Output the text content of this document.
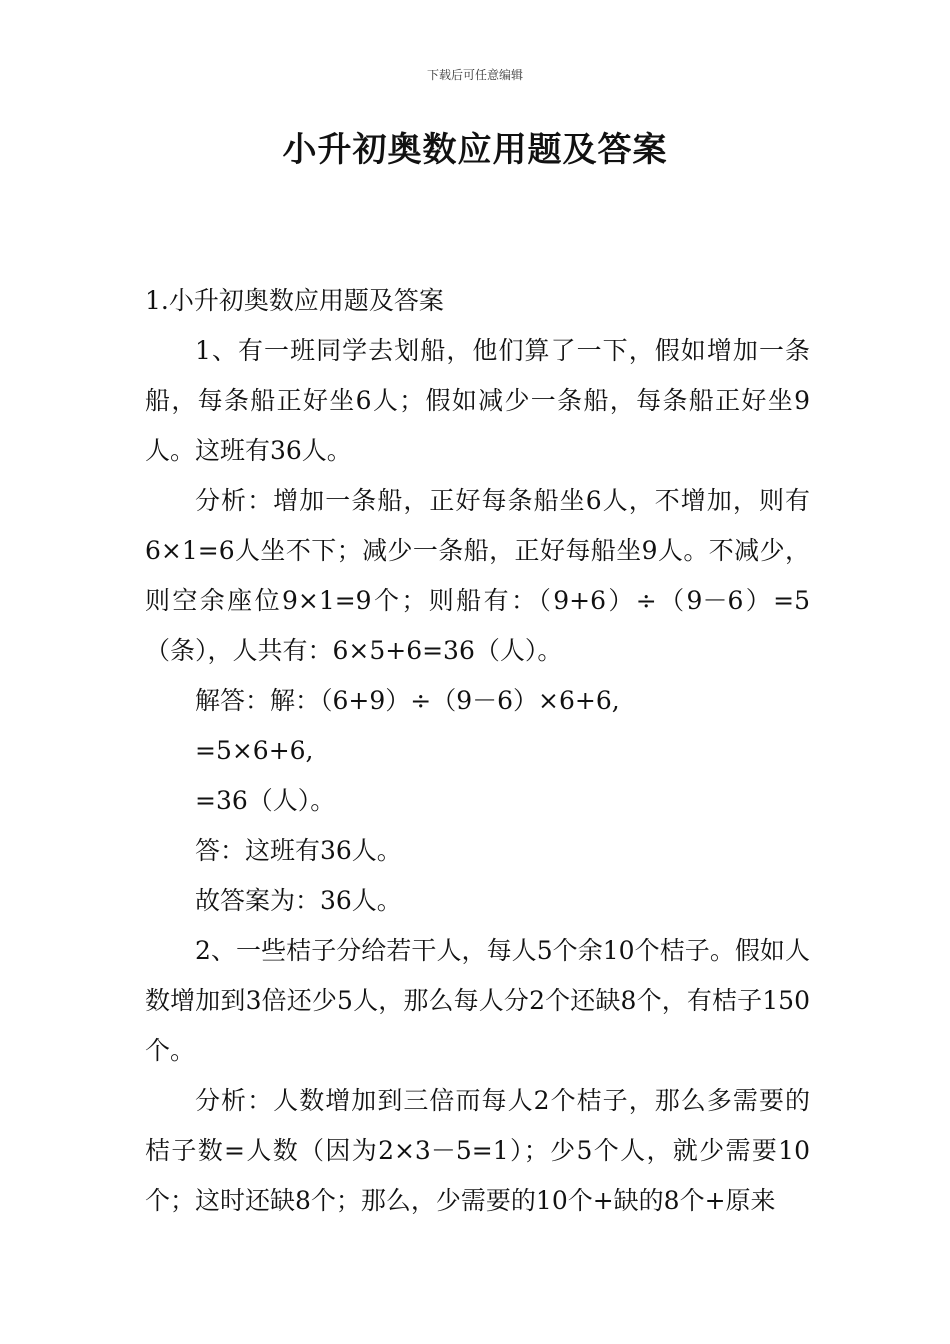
下载后可任意编辑
小升初奥数应用题及答案

1.小升初奥数应用题及答案

1、有一班同学去划船，他们算了一下，假如增加一条船，每条船正好坐6人；假如减少一条船，每条船正好坐9人。这班有36人。

分析：增加一条船，正好每条船坐6人，不增加，则有6×1=6人坐不下；减少一条船，正好每船坐9人。不减少，则空余座位9×1=9个；则船有：（9+6）÷（9－6）=5（条），人共有：6×5+6=36（人）。

解答：解：（6+9）÷（9－6）×6+6,

=5×6+6,

=36（人）。

答：这班有36人。

故答案为：36人。

2、一些桔子分给若干人，每人5个余10个桔子。假如人数增加到3倍还少5人，那么每人分2个还缺8个，有桔子150个。

分析：人数增加到三倍而每人2个桔子，那么多需要的桔子数=人数（因为2×3－5=1）；少5个人，就少需要10个；这时还缺8个；那么，少需要的10个+缺的8个+原来
